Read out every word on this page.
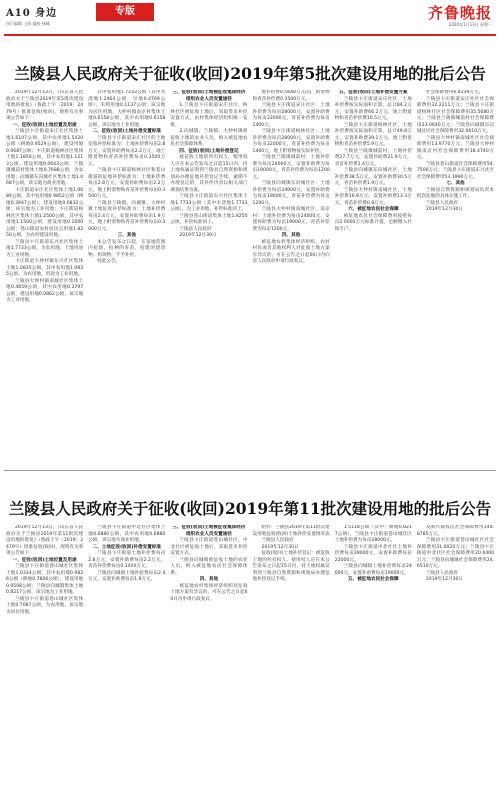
A10 身边
执行编辑 上阅 编校 杨峰
专版	齐鲁晚报
2020年1月13日 星期一
兰陵县人民政府关于征收(收回)2019年第5批次建设用地的批后公告

2019年12月13日，《山东省人民政府关于兰陵县2019年第5批次建设用地的批复》（鲁政土字〔2019〕2479号）批准征收(收回)，现将有关事项公告如下：

一、征收(收回)土地位置及用途

兰陵县卞庄街道宋庄社区集体土地1.6107公顷，其中农用地1.5420公顷（耕地0.9529公顷），建设用地0.0687公顷；卞庄街道杨林社区集体土地1.1856公顷，其中农用地1.1213公顷，建设用地0.0643公顷；兰陵镇城前村集体土地0.7688公顷，为农用地；向城镇东向城社区集体土地1.0687公顷，该宗地为商业用地。

卞庄街道宋庄社区集体土地1.0684公顷，其中农用地0.9852公顷（耕地0.3947公顷），建设用地0.0832公顷；该宗地为工业用地；卞庄街道杨林社区集体土地1.2500公顷，其中农用地1.1500公顷，建设用地0.1000公顷；苍山街道农村居民点用地1.8250公顷，为农村建设用地。

兰陵县卞庄街道东兴社区集体土地1.7733公顷，为农用地，土地用途为工业用地。

卞庄街道大仲村镇东兴社区集体土地1.0835公顷，其中农用地1.0835公顷，为农用地，用途为工业用地。

兰陵县大仲村镇南城社区集体土地0.4659公顷，其中农用地0.3797公顷，建设用地0.0862公顷，该宗地为工业用地。

其中农用地1.7233公顷（其中水浇地1.2464公顷，旱地0.4769公顷），未利用地0.1137公顷；该宗地为居住用地，大仲村镇南京村集体土地0.6158公顷，其中农用地0.6158公顷，该宗地为工业用地。

二、征收(收回)土地补偿安置标准

兰陵县卞庄街道宋庄社区的土地征收补偿标准为：土地补偿费每亩2.8万元，安置补助费每亩2.2万元，地上附着物和青苗补偿费每亩0.3500万元。

兰陵县卞庄街道杨林社区和苍山街道的征地补偿标准为：土地补偿费每亩2.8万元，安置补助费每亩2.2万元，地上附着物和青苗补偿费每亩0.3500万元。

兰陵县兰陵镇、向城镇、大仲村镇土地征收补偿标准为：土地补偿费每亩2.4万元，安置补助费每亩1.9万元，地上附着物和青苗补偿费每亩0.3000万元。

三、其他

本公告发布之日起，在征地范围内抢栽、抢种的青苗，抢建的建筑物、构筑物，不予补偿。

特此公告。

三、征收(收回)土地被征收集体经济组织农业人员安置途径

1.兰陵县卞庄街道宋庄社区、杨林社区被征收土地后，采取货币补偿安置方式，由村集体经济组织统一安排。

2.向城镇、兰陵镇、大仲村镇被征收土地的农业人员，纳入被征地农民社会保障体系。

四、征收(收回)土地补偿登记

被征收土地的所有权人、使用权人应在本公告发布之日起15日内，持土地权属证明到兰陵县自然资源和规划局办理征地补偿登记手续。逾期不办理登记的，其补偿内容以相关部门调查结果为准。

兰陵县卞庄街道东兴社区集体土地1.7733公顷（其中水浇地1.7733公顷），为工业用地，补偿标准同上。

兰陵县苍山街道集体土地1.8250公顷，补偿标准同上。

兰陵县人民政府

2019年12月30日

地补偿费0.5640万元/亩，附着物和青苗补偿费0.3500万元。

兰陵县卞庄街道宋庄社区：土地补偿费为每亩28000元，安置补助费为每亩22000元，青苗补偿费为每亩1400元。

兰陵县卞庄街道杨林社区：土地补偿费为每亩28000元，安置补助费为每亩22000元，青苗补偿费为每亩1400元，地上附着物按实际补偿。

兰陵县兰陵镇城前村：土地补偿费为每亩24000元，安置补助费为每亩19000元，青苗补偿费为每亩1200元。

兰陵县向城镇东向城社区：土地补偿费为每亩24000元，安置补助费为每亩19000元，青苗补偿费为每亩1200元。

兰陵县大仲村镇南城社区、南京村：土地补偿费为每亩24000元，安置补助费为每亩19000元，青苗补偿费为每亩1200元。

四、其他

被征地农村集体经济组织、农村村民或者其他权利人对征收土地方案有异议的，可在公告之日起60日内向省人民政府申请行政复议。

五、征收(收回)土地补偿安置方案

兰陵县卞庄街道宋庄社区，土地补偿费按实际面积计算，总计84.2万元，安置补助费66.2万元，地上附着物和青苗补偿费10.5万元。

兰陵县卞庄街道杨林社区，土地补偿费按实际面积计算，总计49.8万元，安置补助费39.1万元，地上附着物和青苗补偿费5.9万元。

兰陵县兰陵镇城前村，土地补偿费27.7万元，安置补助费21.9万元，青苗补偿费1.4万元。

兰陵县向城镇东向城社区，土地补偿费38.5万元，安置补助费30.5万元，青苗补偿费1.9万元。

兰陵县大仲村镇南城社区，土地补偿费16.8万元，安置补助费13.3万元，青苗补偿费0.8万元。

六、被征地农民社会保障

被征地农民社会保障费用按照每亩2.0000万元标准计提，足额缴入社保专户。

社会保障费用6.4239万元。

兰陵县卞庄街道宋庄社区社会保障费用32.2211万元；兰陵县卞庄街道杨林社区社会保障费用35.5680万元；兰陵县兰陵镇城前村社会保障费用23.0640万元；兰陵县向城镇东向城社区社会保障费用32.0610万元。

兰陵县大仲村镇南城社区社会保障费用13.9770万元；兰陵县大仲村镇南京村社会保障费用18.4740万元。

兰陵县苍山街道社会保障费用54.7500万元；兰陵县卞庄街道东兴社区社会保障费用53.1990万元。

七、其他

兰陵县自然资源和规划局负责本批次征地的具体实施工作。

兰陵县人民政府

2019年12月30日

兰陵县人民政府关于征收(收回)2019年第11批次建设用地的批后公告

2019年12月13日，《山东省人民政府关于兰陵县2019年第11批次建设用地的批复》（鲁政土字〔2019〕2479号）批准征收(收回)，现将有关事项公告如下：

一、征收(收回)土地位置及用途

兰陵县卞庄街道苍山城社区集体土地1.0334公顷，其中农用地0.9826公顷（耕地0.7806公顷），建设用地0.0508公顷；兰陵县向城镇集体土地0.8217公顷，该宗地为工业用地。

兰陵县卞庄街道苍山城社区集体土地0.7087公顷，为农用地，该宗地为居住用地。

兰陵县卞庄街道中北社区集体土地0.6880公顷，其中农用地0.6880公顷，该宗地为商业用地。

二、土地征收(收回)补偿安置标准

兰陵县卞庄街道土地补偿费每亩2.8万元，安置补助费每亩2.2万元，青苗补偿费每亩0.1400万元。

兰陵县向城镇土地补偿费每亩2.4万元，安置补助费每亩1.9万元。

三、征收(收回)土地被征收集体经济组织农业人员安置途径

兰陵县卞庄街道苍山城社区、中北社区被征收土地后，采取货币补偿安置方式。

兰陵县向城镇被征收土地的农业人员，纳入被征地农民社会保障体系。

四、其他

被征地农村集体经济组织对征收土地方案有异议的，可在公告之日起60日内申请行政复议。

附件：兰陵县2019年第11批次建设用地征收(收回)土地补偿安置情况表

兰陵县人民政府

2019年12月30日

征收(收回)土地补偿登记：被征收土地的所有权人、使用权人应在本公告发布之日起15日内，持土地权属证明到兰陵县自然资源和规划局办理征地补偿登记手续。

1.5118公顷（其中：耕地0.8217公顷），兰陵县卞庄街道苍山城社区土地补偿费为每亩28000元。

兰陵县卞庄街道中北社区土地补偿费每亩28000元，安置补助费每亩22000元。

兰陵县向城镇土地补偿费每亩24000元，安置补助费每亩19000元。

五、被征地农民社会保障

及新兴镇农民社会保障费用144.8785万元。

兰陵县卞庄街道苍山城社区社会保障费用31.0020万元；兰陵县卞庄街道中北社区社会保障费用20.6400万元；兰陵县向城镇社会保障费用24.6510万元。

兰陵县人民政府

2019年12月30日
